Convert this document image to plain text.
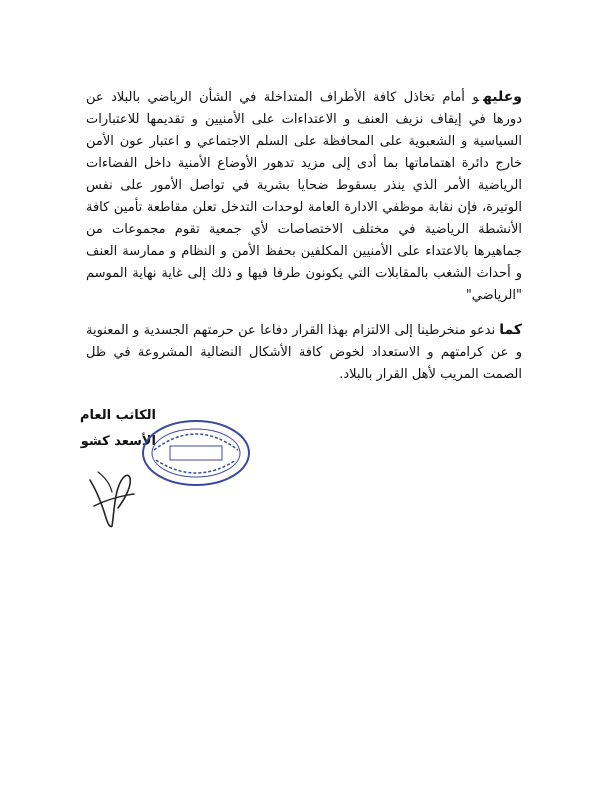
وعليهو أمام تخاذل كافة الأطراف المتداخلة في الشأن الرياضي بالبلاد عن دورها في إيقاف نزيف العنف و الاعتداءات على الأمنيين و تقديمها للاعتبارات السياسية و الشعبوية على المحافظة على السلم الاجتماعي و اعتبار عون الأمن خارج دائرة اهتماماتها بما أدى إلى مزيد تدهور الأوضاع الأمنية داخل الفضاءات الرياضية الأمر الذي ينذر بسقوط ضحايا بشرية في تواصل الأمور على نفس الوتيرة، فإن نقابة موظفي الادارة العامة لوحدات التدخل تعلن مقاطعة تأمين كافة الأنشطة الرياضية في مختلف الاختصاصات لأي جمعية تقوم مجموعات من جماهيرها بالاعتداء على الأمنيين المكلفين بحفظ الأمن و النظام و ممارسة العنف و أحداث الشغب بالمقابلات التي يكونون طرفا فيها و ذلك إلى غاية نهاية الموسم "الرياضي"

كماندعو منخرطينا إلى الالتزام بهذا القرار دفاعا عن حرمتهم الجسدية و المعنوية و عن كرامتهم و الاستعداد لخوض كافة الأشكال النضالية المشروعة في ظل الصمت المريب لأهل القرار بالبلاد.

الكاتب العام
الأسعد كشو
